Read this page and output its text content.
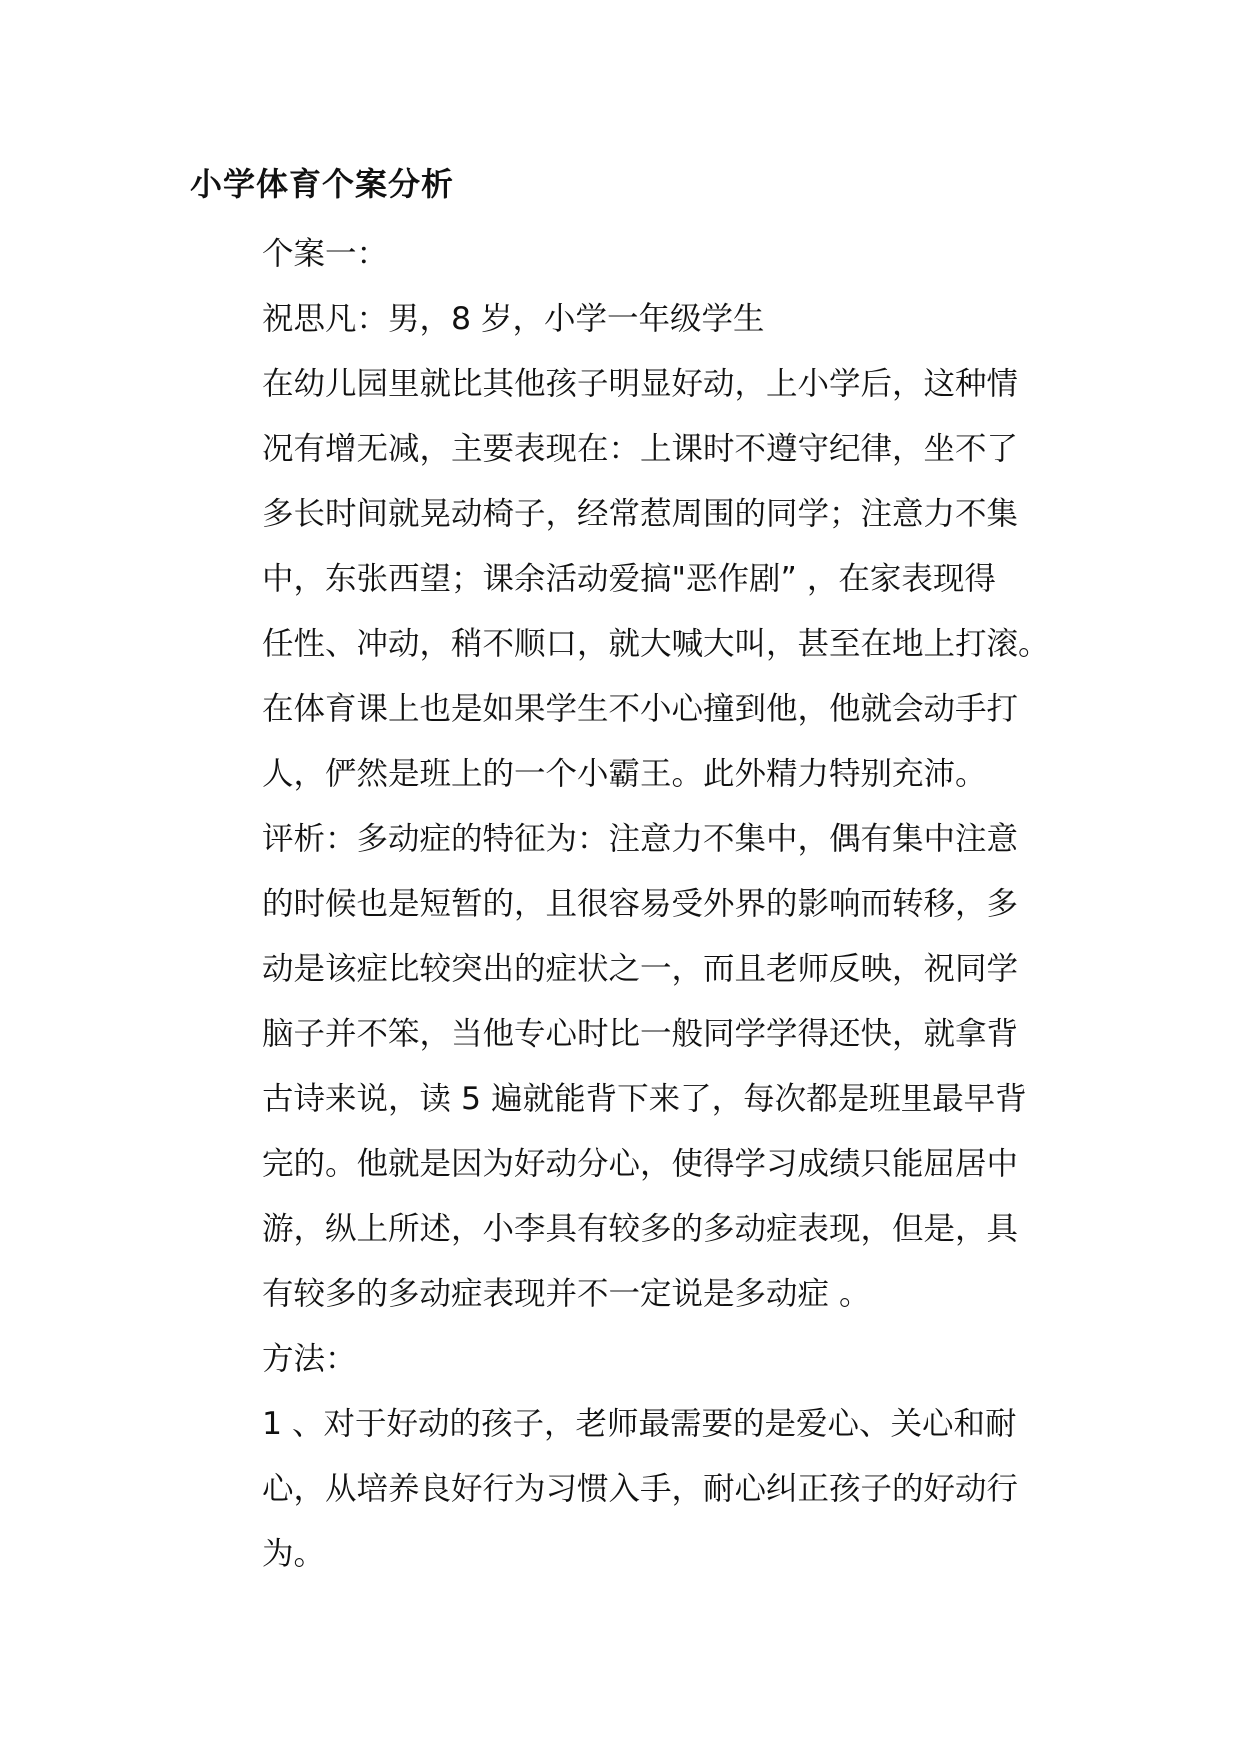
小学体育个案分析
个案一：
祝思凡：男，8 岁，小学一年级学生
在幼儿园里就比其他孩子明显好动，上小学后，这种情
况有增无减，主要表现在：上课时不遵守纪律，坐不了
多长时间就晃动椅子，经常惹周围的同学；注意力不集
中，东张西望；课余活动爱搞"恶作剧” ，在家表现得
任性、冲动，稍不顺口，就大喊大叫，甚至在地上打滚。
在体育课上也是如果学生不小心撞到他，他就会动手打
人，俨然是班上的一个小霸王。此外精力特别充沛。
评析：多动症的特征为：注意力不集中，偶有集中注意
的时候也是短暂的，且很容易受外界的影响而转移，多
动是该症比较突出的症状之一，而且老师反映，祝同学
脑子并不笨，当他专心时比一般同学学得还快，就拿背
古诗来说，读 5 遍就能背下来了，每次都是班里最早背
完的。他就是因为好动分心，使得学习成绩只能屈居中
游，纵上所述，小李具有较多的多动症表现，但是，具
有较多的多动症表现并不一定说是多动症 。
方法：
1 、对于好动的孩子，老师最需要的是爱心、关心和耐
心，从培养良好行为习惯入手，耐心纠正孩子的好动行
为。
